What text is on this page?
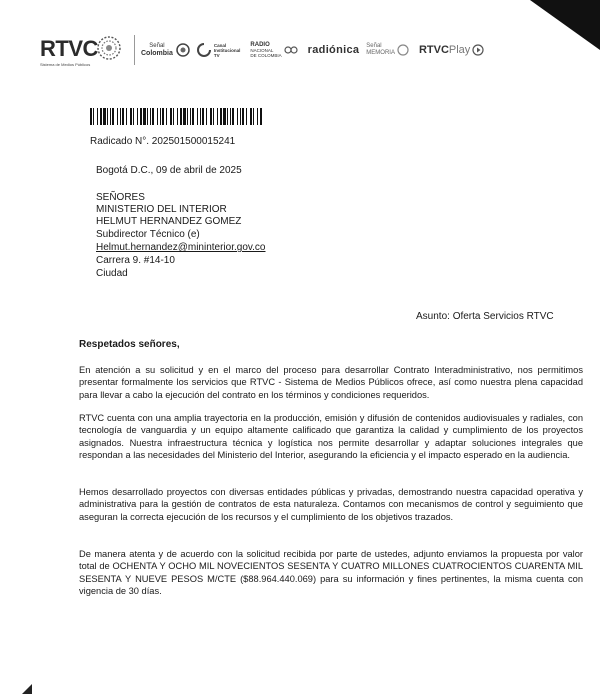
RTVC
Sistema de Medios Públicos
Señal
Colombia
Canal
Institucional
TV
RADIO
NACIONAL
DE COLOMBIA radiónica Señal
MEMORIA RTVCPlay
Radicado N°. 202501500015241
Bogotá D.C., 09 de abril de 2025
SEÑORES
MINISTERIO DEL INTERIOR
HELMUT HERNANDEZ GOMEZ
Subdirector Técnico (e)
Helmut.hernandez@mininterior.gov.co
Carrera 9. #14-10
Ciudad
Asunto: Oferta Servicios RTVC
Respetados señores,
En atención a su solicitud y en el marco del proceso para desarrollar Contrato Interadministrativo, nos permitimos presentar formalmente los servicios que RTVC - Sistema de Medios Públicos ofrece, así como nuestra plena capacidad para llevar a cabo la ejecución del contrato en los términos y condiciones requeridos.
RTVC cuenta con una amplia trayectoria en la producción, emisión y difusión de contenidos audiovisuales y radiales, con tecnología de vanguardia y un equipo altamente calificado que garantiza la calidad y cumplimiento de los proyectos asignados. Nuestra infraestructura técnica y logística nos permite desarrollar y adaptar soluciones integrales que respondan a las necesidades del Ministerio del Interior, asegurando la eficiencia y el impacto esperado en la audiencia.
Hemos desarrollado proyectos con diversas entidades públicas y privadas, demostrando nuestra capacidad operativa y administrativa para la gestión de contratos de esta naturaleza. Contamos con mecanismos de control y seguimiento que aseguran la correcta ejecución de los recursos y el cumplimiento de los objetivos trazados.
De manera atenta y de acuerdo con la solicitud recibida por parte de ustedes, adjunto enviamos la propuesta por valor total de OCHENTA Y OCHO MIL NOVECIENTOS SESENTA Y CUATRO MILLONES CUATROCIENTOS CUARENTA MIL SESENTA Y NUEVE PESOS M/CTE ($88.964.440.069) para su información y fines pertinentes, la misma cuenta con vigencia de 30 días.
